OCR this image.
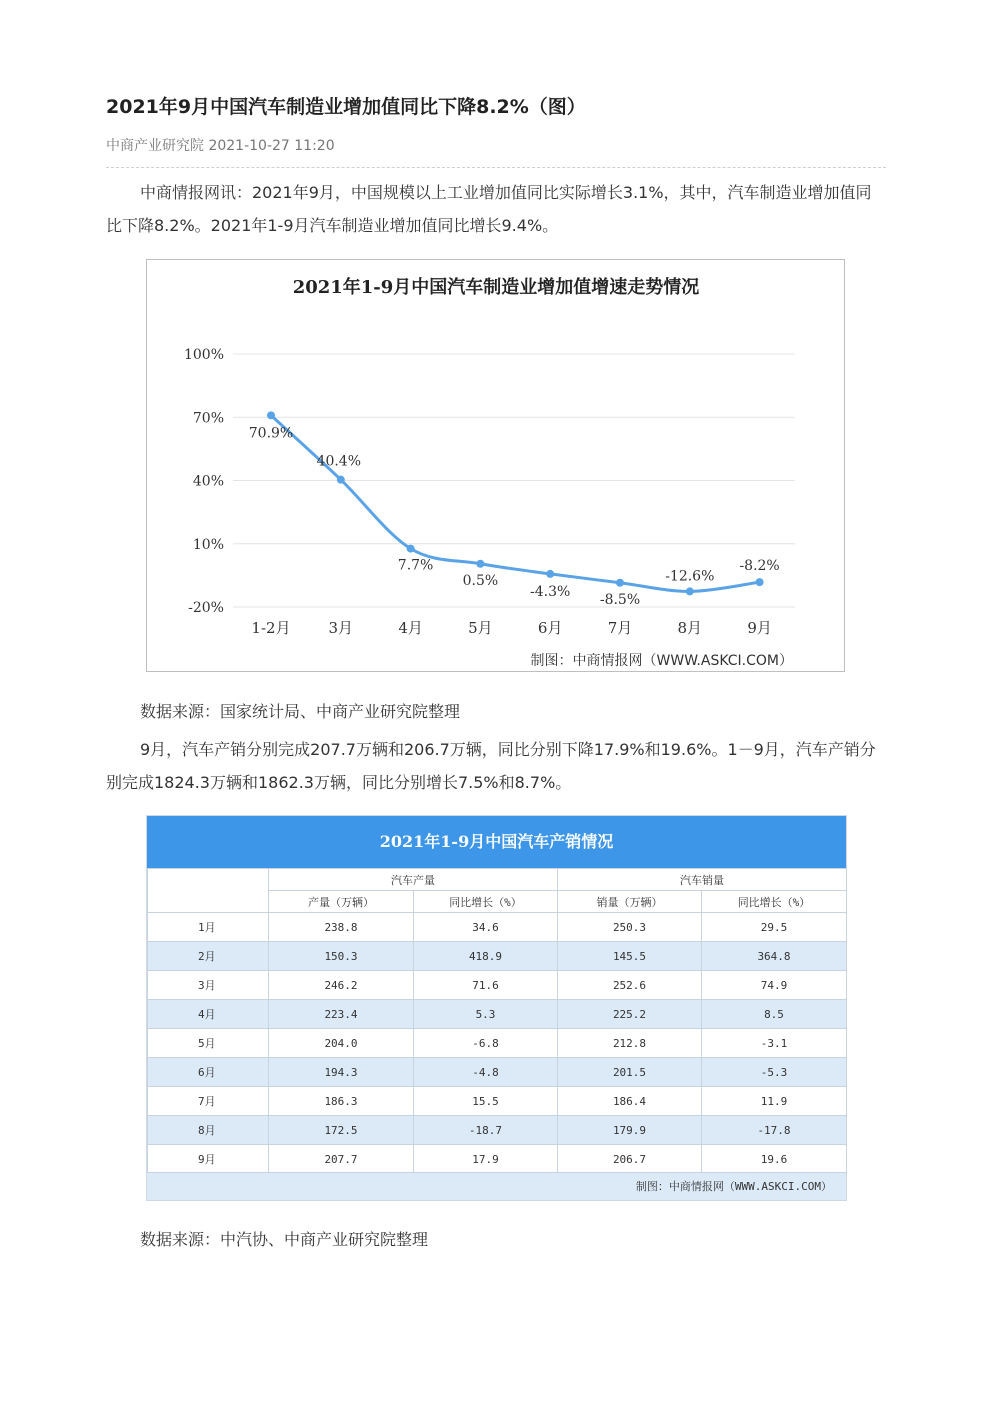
2021年9月中国汽车制造业增加值同比下降8.2%（图）
中商产业研究院 2021-10-27 11:20

中商情报网讯：2021年9月，中国规模以上工业增加值同比实际增长3.1%，其中，汽车制造业增加值同比下降8.2%。2021年1-9月汽车制造业增加值同比增长9.4%。

2021年1-9月中国汽车制造业增加值增速走势情况
100%
70%
40%
10%
-20%
70.9%
1-2月
40.4%
3月
7.7%
4月
0.5%
5月
-4.3%
6月
-8.5%
7月
-12.6%
8月
-8.2%
9月
制图：中商情报网（WWW.ASKCI.COM）
数据来源：国家统计局、中商产业研究院整理

9月，汽车产销分别完成207.7万辆和206.7万辆，同比分别下降17.9%和19.6%。1－9月，汽车产销分别完成1824.3万辆和1862.3万辆，同比分别增长7.5%和8.7%。

2021年1-9月中国汽车产销情况
	汽车产量		汽车销量	
	产量（万辆）	同比增长（%）	销量（万辆）	同比增长（%）
1月	238.8	34.6	250.3	29.5
2月	150.3	418.9	145.5	364.8
3月	246.2	71.6	252.6	74.9
4月	223.4	5.3	225.2	8.5
5月	204.0	-6.8	212.8	-3.1
6月	194.3	-4.8	201.5	-5.3
7月	186.3	15.5	186.4	11.9
8月	172.5	-18.7	179.9	-17.8
9月	207.7	17.9	206.7	19.6
制图：中商情报网（WWW.ASKCI.COM）
数据来源：中汽协、中商产业研究院整理
